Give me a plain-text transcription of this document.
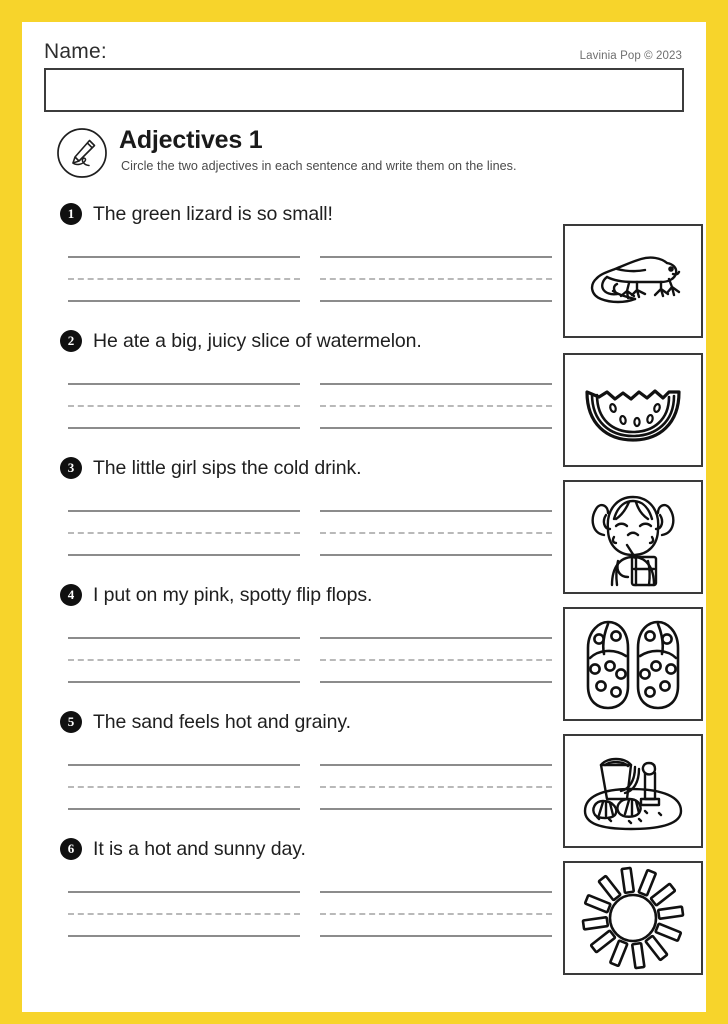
Name:	Lavinia Pop © 2023
Adjectives 1
Circle the two adjectives in each sentence and write them on the lines.
1 The green lizard is so small!
2 He ate a big, juicy slice of watermelon.
3 The little girl sips the cold drink.
4 I put on my pink, spotty flip flops.
5 The sand feels hot and grainy.
6 It is a hot and sunny day.
